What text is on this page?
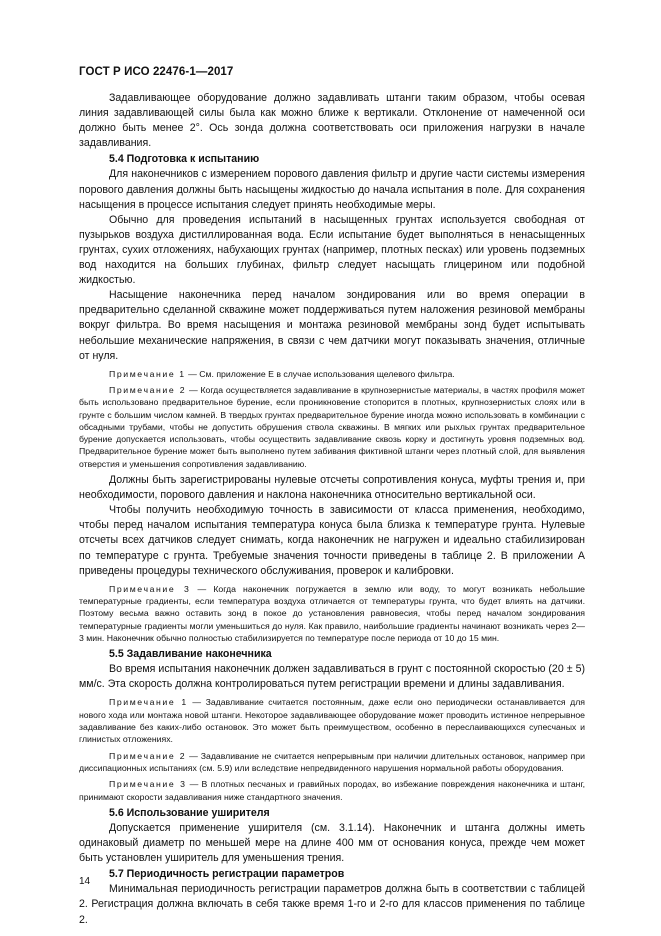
ГОСТ Р ИСО 22476-1—2017

Задавливающее оборудование должно задавливать штанги таким образом, чтобы осевая линия задавливающей силы была как можно ближе к вертикали. Отклонение от намеченной оси должно быть менее 2°. Ось зонда должна соответствовать оси приложения нагрузки в начале задавливания.

5.4 Подготовка к испытанию

Для наконечников с измерением порового давления фильтр и другие части системы измерения порового давления должны быть насыщены жидкостью до начала испытания в поле. Для сохранения насыщения в процессе испытания следует принять необходимые меры.

Обычно для проведения испытаний в насыщенных грунтах используется свободная от пузырьков воздуха дистиллированная вода. Если испытание будет выполняться в ненасыщенных грунтах, сухих отложениях, набухающих грунтах (например, плотных песках) или уровень подземных вод находится на больших глубинах, фильтр следует насыщать глицерином или подобной жидкостью.

Насыщение наконечника перед началом зондирования или во время операции в предварительно сделанной скважине может поддерживаться путем наложения резиновой мембраны вокруг фильтра. Во время насыщения и монтажа резиновой мембраны зонд будет испытывать небольшие механические напряжения, в связи с чем датчики могут показывать значения, отличные от нуля.

Примечание 1 — См. приложение Е в случае использования щелевого фильтра.

Примечание 2 — Когда осуществляется задавливание в крупнозернистые материалы, в частях профиля может быть использовано предварительное бурение, если проникновение стопорится в плотных, крупнозернистых слоях или в грунте с большим числом камней. В твердых грунтах предварительное бурение иногда можно использовать в комбинации с обсадными трубами, чтобы не допустить обрушения ствола скважины. В мягких или рыхлых грунтах предварительное бурение допускается использовать, чтобы осуществить задавливание сквозь корку и достигнуть уровня подземных вод. Предварительное бурение может быть выполнено путем забивания фиктивной штанги через плотный слой, для выявления отверстия и уменьшения сопротивления задавливанию.

Должны быть зарегистрированы нулевые отсчеты сопротивления конуса, муфты трения и, при необходимости, порового давления и наклона наконечника относительно вертикальной оси.

Чтобы получить необходимую точность в зависимости от класса применения, необходимо, чтобы перед началом испытания температура конуса была близка к температуре грунта. Нулевые отсчеты всех датчиков следует снимать, когда наконечник не нагружен и идеально стабилизирован по температуре с грунта. Требуемые значения точности приведены в таблице 2. В приложении А приведены процедуры технического обслуживания, проверок и калибровки.

Примечание 3 — Когда наконечник погружается в землю или воду, то могут возникать небольшие температурные градиенты, если температура воздуха отличается от температуры грунта, что будет влиять на датчики. Поэтому весьма важно оставить зонд в покое до установления равновесия, чтобы перед началом зондирования температурные градиенты могли уменьшиться до нуля. Как правило, наибольшие градиенты начинают возникать через 2—3 мин. Наконечник обычно полностью стабилизируется по температуре после периода от 10 до 15 мин.

5.5 Задавливание наконечника

Во время испытания наконечник должен задавливаться в грунт с постоянной скоростью (20 ± 5) мм/с. Эта скорость должна контролироваться путем регистрации времени и длины задавливания.

Примечание 1 — Задавливание считается постоянным, даже если оно периодически останавливается для нового хода или монтажа новой штанги. Некоторое задавливающее оборудование может проводить истинное непрерывное задавливание без каких-либо остановок. Это может быть преимуществом, особенно в переслаивающихся супесчаных и глинистых отложениях.

Примечание 2 — Задавливание не считается непрерывным при наличии длительных остановок, например при диссипационных испытаниях (см. 5.9) или вследствие непредвиденного нарушения нормальной работы оборудования.

Примечание 3 — В плотных песчаных и гравийных породах, во избежание повреждения наконечника и штанг, принимают скорости задавливания ниже стандартного значения.

5.6 Использование уширителя

Допускается применение уширителя (см. 3.1.14). Наконечник и штанга должны иметь одинаковый диаметр по меньшей мере на длине 400 мм от основания конуса, прежде чем может быть установлен уширитель для уменьшения трения.

5.7 Периодичность регистрации параметров

Минимальная периодичность регистрации параметров должна быть в соответствии с таблицей 2. Регистрация должна включать в себя также время 1-го и 2-го для классов применения по таблице 2.

14
